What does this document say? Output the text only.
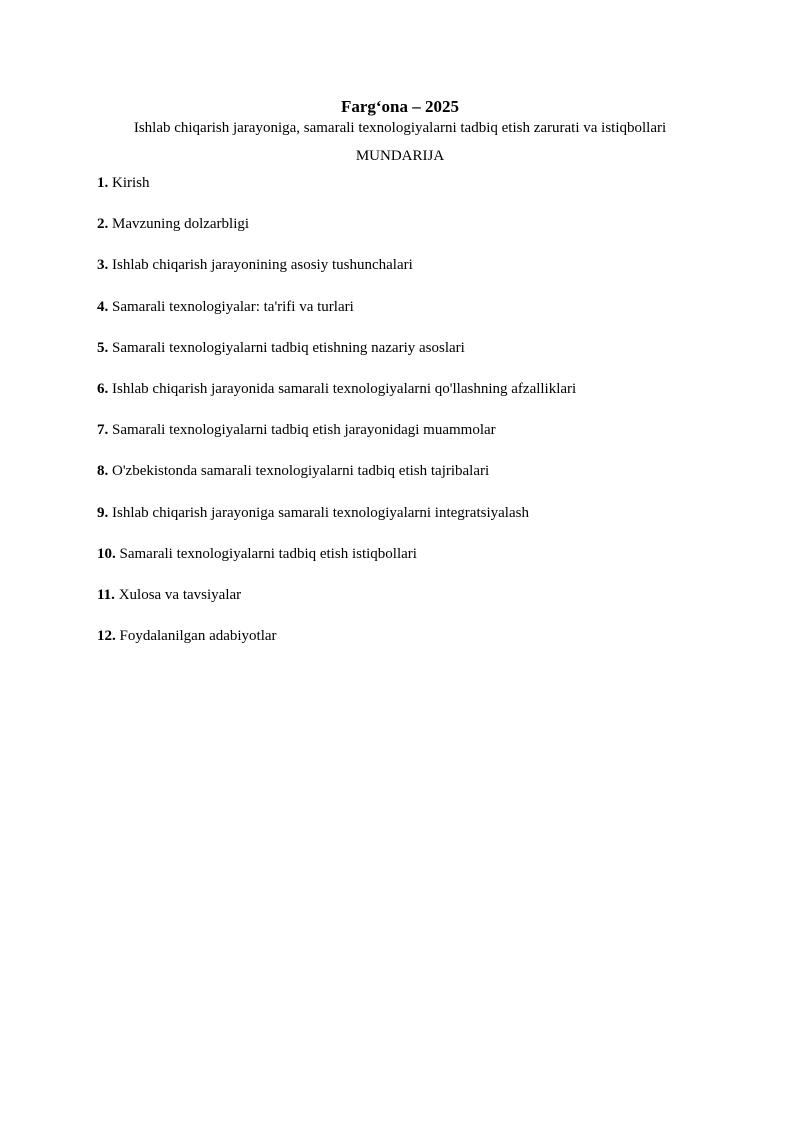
Farg‘ona – 2025
Ishlab chiqarish jarayoniga, samarali texnologiyalarni tadbiq etish zarurati va istiqbollari
MUNDARIJA
1. Kirish
2. Mavzuning dolzarbligi
3. Ishlab chiqarish jarayonining asosiy tushunchalari
4. Samarali texnologiyalar: ta'rifi va turlari
5. Samarali texnologiyalarni tadbiq etishning nazariy asoslari
6. Ishlab chiqarish jarayonida samarali texnologiyalarni qo'llashning afzalliklari
7. Samarali texnologiyalarni tadbiq etish jarayonidagi muammolar
8. O'zbekistonda samarali texnologiyalarni tadbiq etish tajribalari
9. Ishlab chiqarish jarayoniga samarali texnologiyalarni integratsiyalash
10. Samarali texnologiyalarni tadbiq etish istiqbollari
11. Xulosa va tavsiyalar
12. Foydalanilgan adabiyotlar
